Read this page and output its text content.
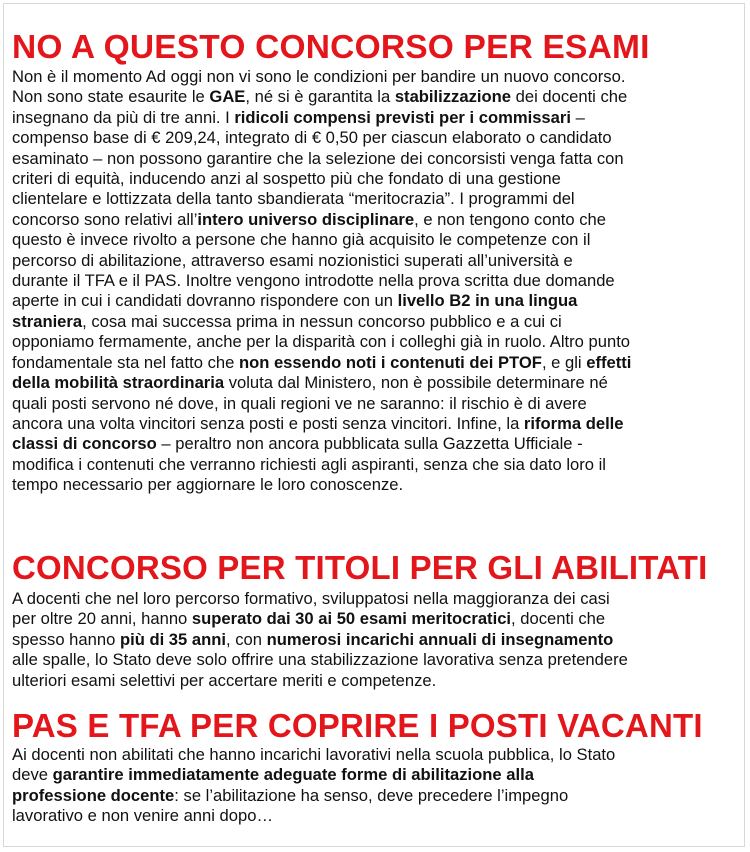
NO A QUESTO CONCORSO PER ESAMI
Non è il momento Ad oggi non vi sono le condizioni per bandire un nuovo concorso.
Non sono state esaurite le GAE, né si è garantita la stabilizzazione dei docenti che
insegnano da più di tre anni. I ridicoli compensi previsti per i commissari –
compenso base di € 209,24, integrato di € 0,50 per ciascun elaborato o candidato
esaminato – non possono garantire che la selezione dei concorsisti venga fatta con
criteri di equità, inducendo anzi al sospetto più che fondato di una gestione
clientelare e lottizzata della tanto sbandierata “meritocrazia”. I programmi del
concorso sono relativi all’intero universo disciplinare, e non tengono conto che
questo è invece rivolto a persone che hanno già acquisito le competenze con il
percorso di abilitazione, attraverso esami nozionistici superati all’università e
durante il TFA e il PAS. Inoltre vengono introdotte nella prova scritta due domande
aperte in cui i candidati dovranno rispondere con un livello B2 in una lingua
straniera, cosa mai successa prima in nessun concorso pubblico e a cui ci
opponiamo fermamente, anche per la disparità con i colleghi già in ruolo. Altro punto
fondamentale sta nel fatto che non essendo noti i contenuti dei PTOF, e gli effetti
della mobilità straordinaria voluta dal Ministero, non è possibile determinare né
quali posti servono né dove, in quali regioni ve ne saranno: il rischio è di avere
ancora una volta vincitori senza posti e posti senza vincitori. Infine, la riforma delle
classi di concorso – peraltro non ancora pubblicata sulla Gazzetta Ufficiale -
modifica i contenuti che verranno richiesti agli aspiranti, senza che sia dato loro il
tempo necessario per aggiornare le loro conoscenze.
CONCORSO PER TITOLI PER GLI ABILITATI
A docenti che nel loro percorso formativo, sviluppatosi nella maggioranza dei casi
per oltre 20 anni, hanno superato dai 30 ai 50 esami meritocratici, docenti che
spesso hanno più di 35 anni, con numerosi incarichi annuali di insegnamento
alle spalle, lo Stato deve solo offrire una stabilizzazione lavorativa senza pretendere
ulteriori esami selettivi per accertare meriti e competenze.
PAS E TFA PER COPRIRE I POSTI VACANTI
Ai docenti non abilitati che hanno incarichi lavorativi nella scuola pubblica, lo Stato
deve garantire immediatamente adeguate forme di abilitazione alla
professione docente: se l’abilitazione ha senso, deve precedere l’impegno
lavorativo e non venire anni dopo…
